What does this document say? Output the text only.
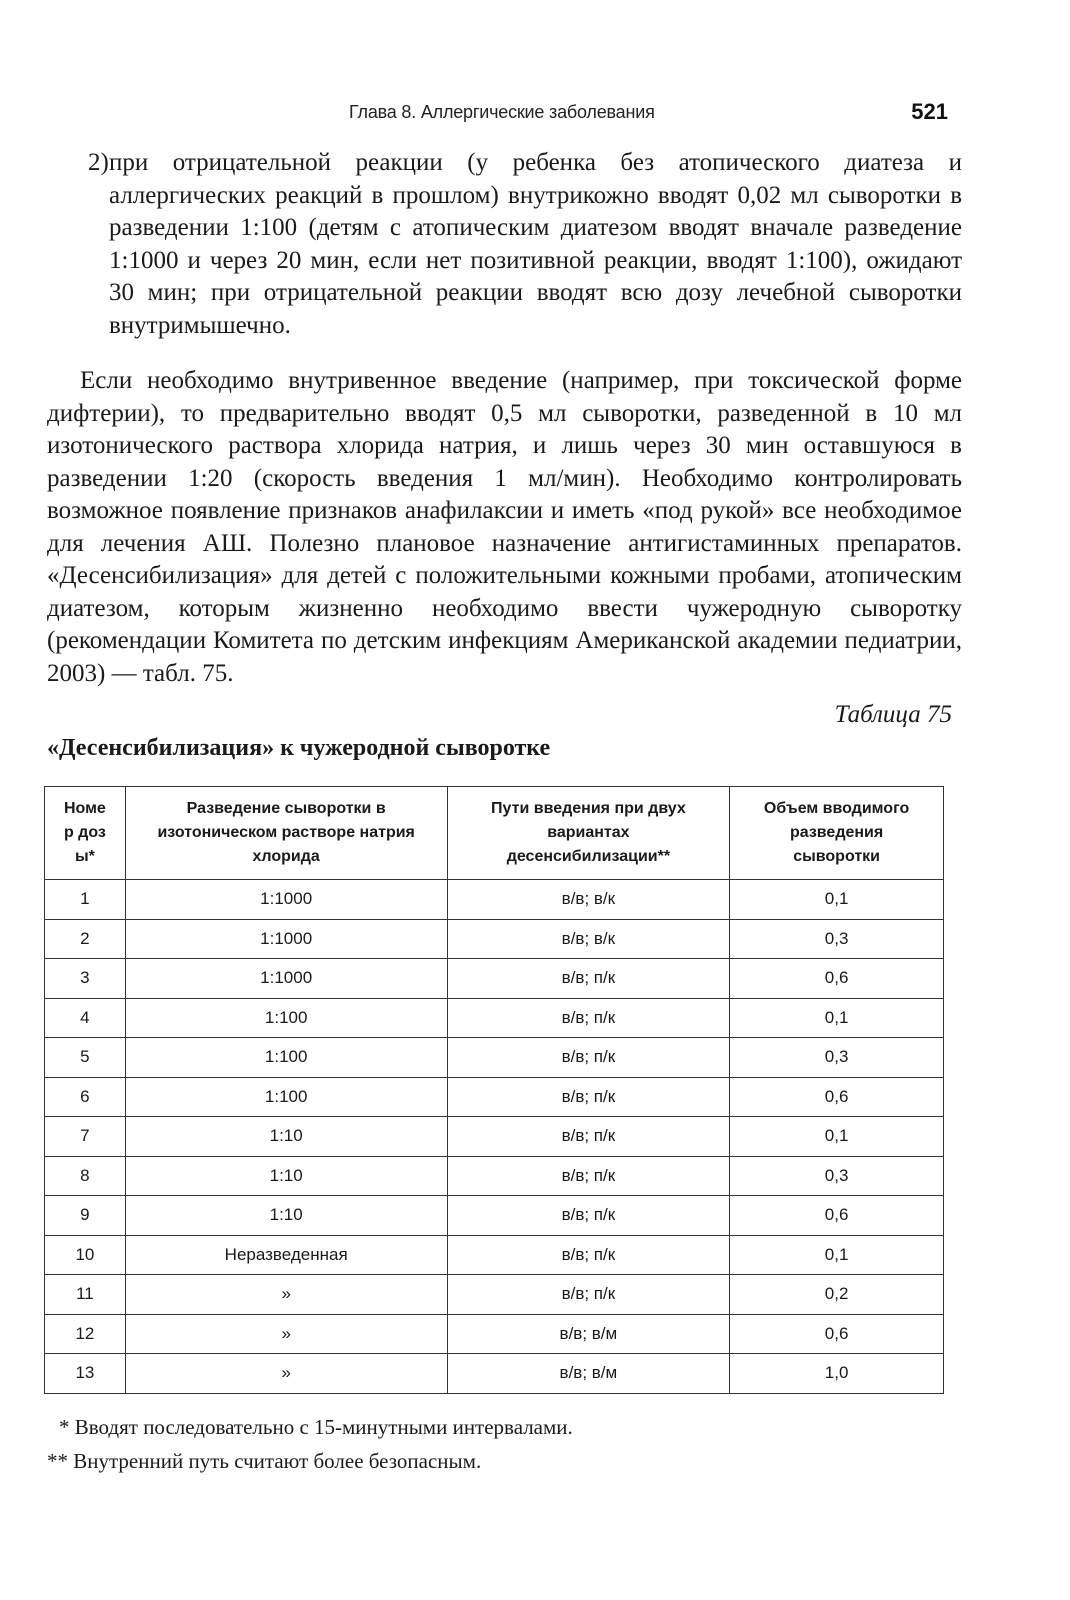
Глава 8. Аллергические заболевания	521
2) при отрицательной реакции (у ребенка без атопического диатеза и аллергических реакций в прошлом) внутрикожно вводят 0,02 мл сыворотки в разведении 1:100 (детям с атопическим диатезом вводят вначале разведение 1:1000 и через 20 мин, если нет позитивной реакции, вводят 1:100), ожидают 30 мин; при отрицательной реакции вводят всю дозу лечебной сыворотки внутримышечно.
Если необходимо внутривенное введение (например, при токсической форме дифтерии), то предварительно вводят 0,5 мл сыворотки, разведенной в 10 мл изотонического раствора хлорида натрия, и лишь через 30 мин оставшуюся в разведении 1:20 (скорость введения 1 мл/мин). Необходимо контролировать возможное появление признаков анафилаксии и иметь «под рукой» все необходимое для лечения АШ. Полезно плановое назначение антигистаминных препаратов. «Десенсибилизация» для детей с положительными кожными пробами, атопическим диатезом, которым жизненно необходимо ввести чужеродную сыворотку (рекомендации Комитета по детским инфекциям Американской академии педиатрии, 2003) — табл. 75.
Таблица 75
«Десенсибилизация» к чужеродной сыворотке
Номер дозы*	Разведение сыворотки в изотоническом растворе натрия хлорида	Пути введения при двух вариантах десенсибилизации**	Объем вводимого разведения сыворотки
1	1:1000	в/в; в/к	0,1
2	1:1000	в/в; в/к	0,3
3	1:1000	в/в; п/к	0,6
4	1:100	в/в; п/к	0,1
5	1:100	в/в; п/к	0,3
6	1:100	в/в; п/к	0,6
7	1:10	в/в; п/к	0,1
8	1:10	в/в; п/к	0,3
9	1:10	в/в; п/к	0,6
10	Неразведенная	в/в; п/к	0,1
11	»	в/в; п/к	0,2
12	»	в/в; в/м	0,6
13	»	в/в; в/м	1,0
* Вводят последовательно с 15-минутными интервалами.
** Внутренний путь считают более безопасным.
